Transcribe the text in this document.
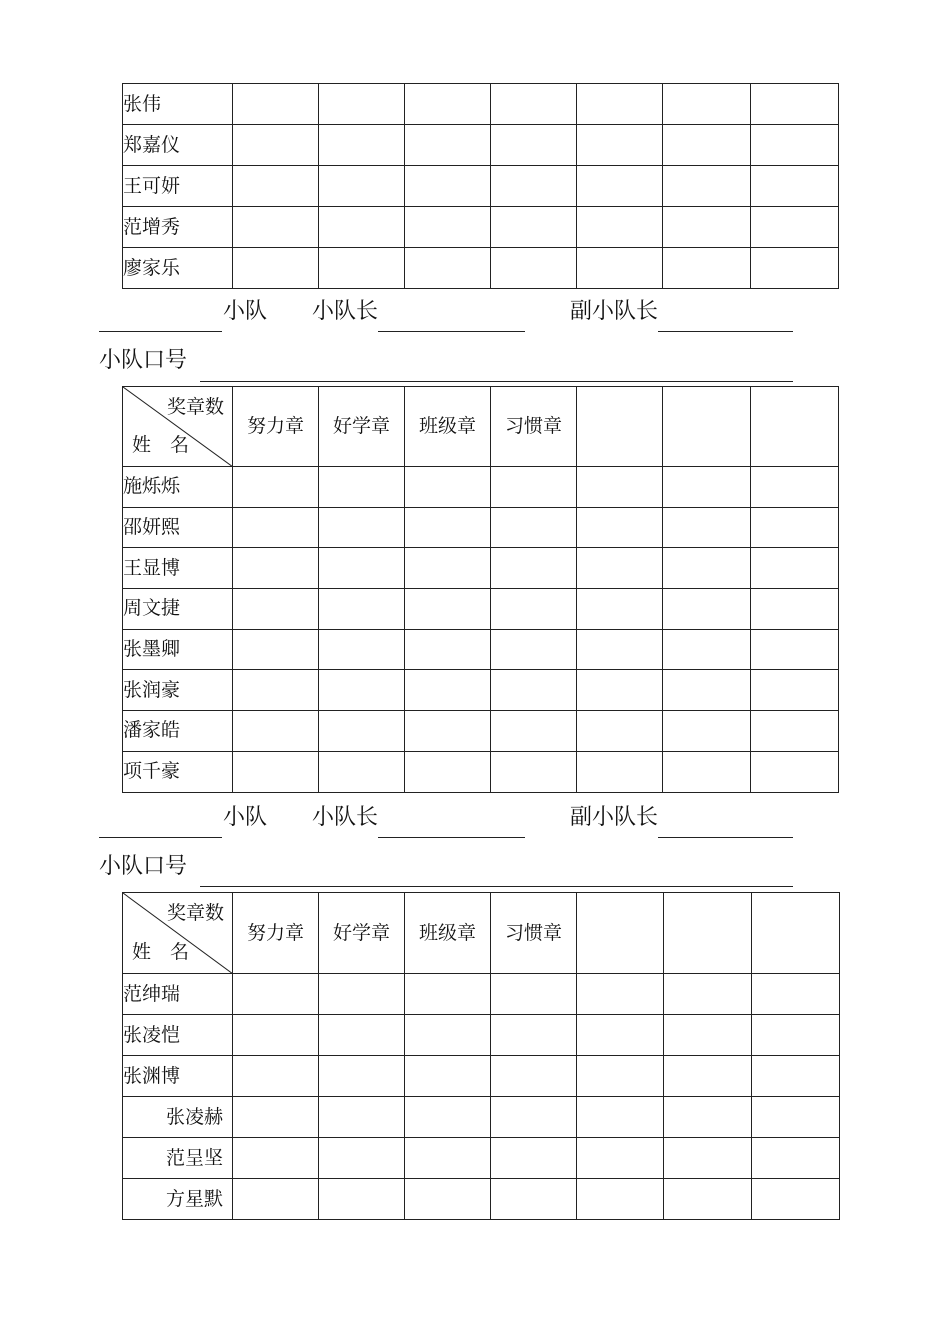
张伟							
郑嘉仪							
王可妍							
范增秀							
廖家乐							
小队 小队长	副小队长
小队口号
奖章数
姓 名	努力章	好学章	班级章	习惯章			
施烁烁							
邵妍熙							
王显博							
周文捷							
张墨卿							
张润豪							
潘家皓							
项千豪							
小队 小队长	副小队长
小队口号
奖章数
姓 名	努力章	好学章	班级章	习惯章			
范绅瑞							
张凌恺							
张渊博							
张凌赫							
范呈坚							
方星默							
